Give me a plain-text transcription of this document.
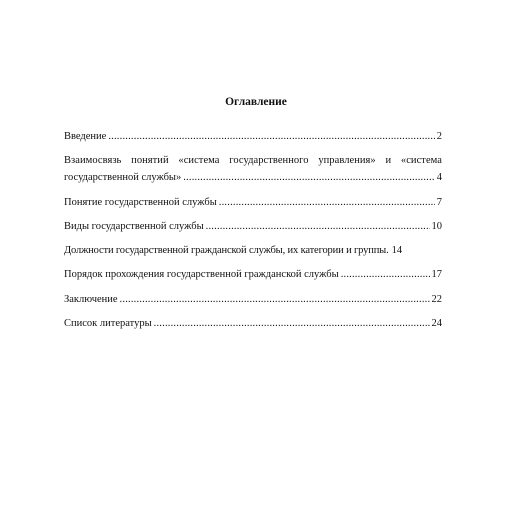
Оглавление
Введение .....	2
Взаимосвязь понятий «система государственного управления» и «система
государственной службы» .....	4
Понятие государственной службы .....	7
Виды государственной службы .....	10
Должности государственной гражданской службы, их категории и группы. 14
Порядок прохождения государственной гражданской службы .....	17
Заключение .....	22
Список литературы .....	24
